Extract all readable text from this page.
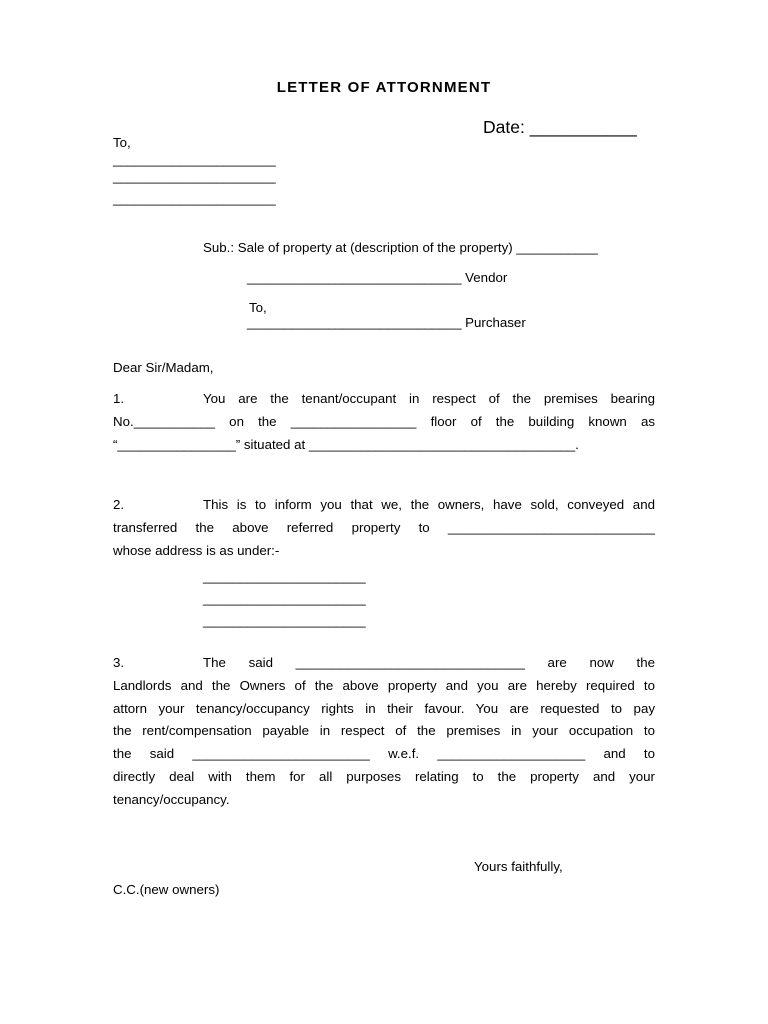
LETTER OF ATTORNMENT
Date: ___________
To,
______________________
______________________
______________________
Sub.: Sale of property at (description of the property) ___________
_____________________________ Vendor
To,
_____________________________ Purchaser
Dear Sir/Madam,
1.	You are the tenant/occupant in respect of the premises bearing
No.___________ on the _________________ floor of the building known as
“________________” situated at ____________________________________.
2.	This is to inform you that we, the owners, have sold, conveyed and
transferred the above referred property to ____________________________
whose address is as under:-
______________________
______________________
______________________
3.	The said _______________________________ are now the
Landlords and the Owners of the above property and you are hereby required to
attorn your tenancy/occupancy rights in their favour. You are requested to pay
the rent/compensation payable in respect of the premises in your occupation to
the said ________________________ w.e.f. ____________________ and to
directly deal with them for all purposes relating to the property and your
tenancy/occupancy.
Yours faithfully,
C.C.(new owners)
